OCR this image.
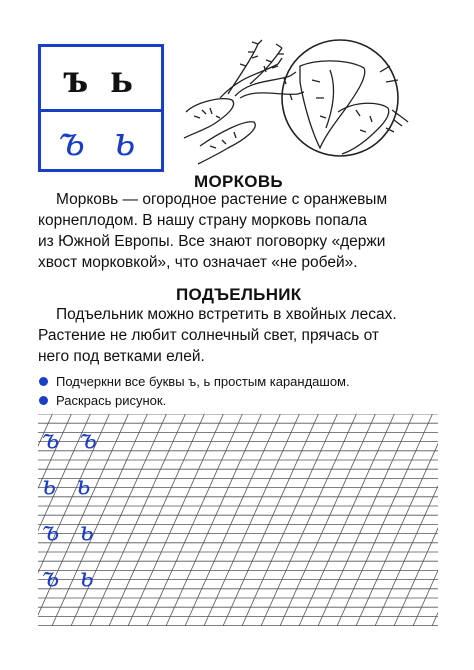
ъ ь
ъ ь
МОРКОВЬ
Морковь — огородное растение с оранжевым
корнеплодом. В нашу страну морковь попала
из Южной Европы. Все знают поговорку «держи
хвост морковкой», что означает «не робей».
ПОДЪЕЛЬНИК
Подъельник можно встретить в хвойных лесах.
Растение не любит солнечный свет, прячась от
него под ветками елей.
Подчеркни все буквы ъ, ь простым карандашом.
Раскрась рисунок.
ъ ъ
ь ь
ъ ь
ъ ь
